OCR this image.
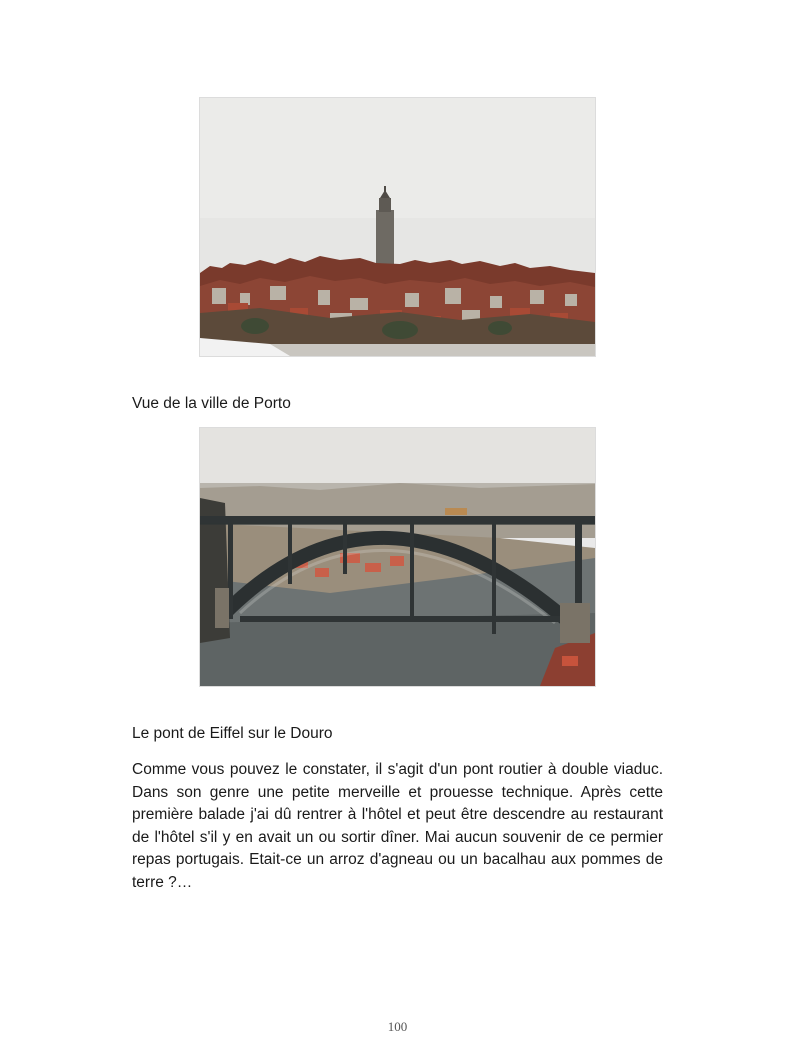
Vue de la ville de Porto
Le pont de Eiffel sur le Douro

Comme vous pouvez le constater, il s'agit d'un pont routier à double viaduc. Dans son genre une petite merveille et prouesse technique. Après cette première balade j'ai dû rentrer à l'hôtel et peut être descendre au restaurant de l'hôtel s'il y en avait un ou sortir dîner. Mai aucun souvenir de ce permier repas portugais. Etait-ce un arroz d'agneau ou un bacalhau aux pommes de terre ?…

100
